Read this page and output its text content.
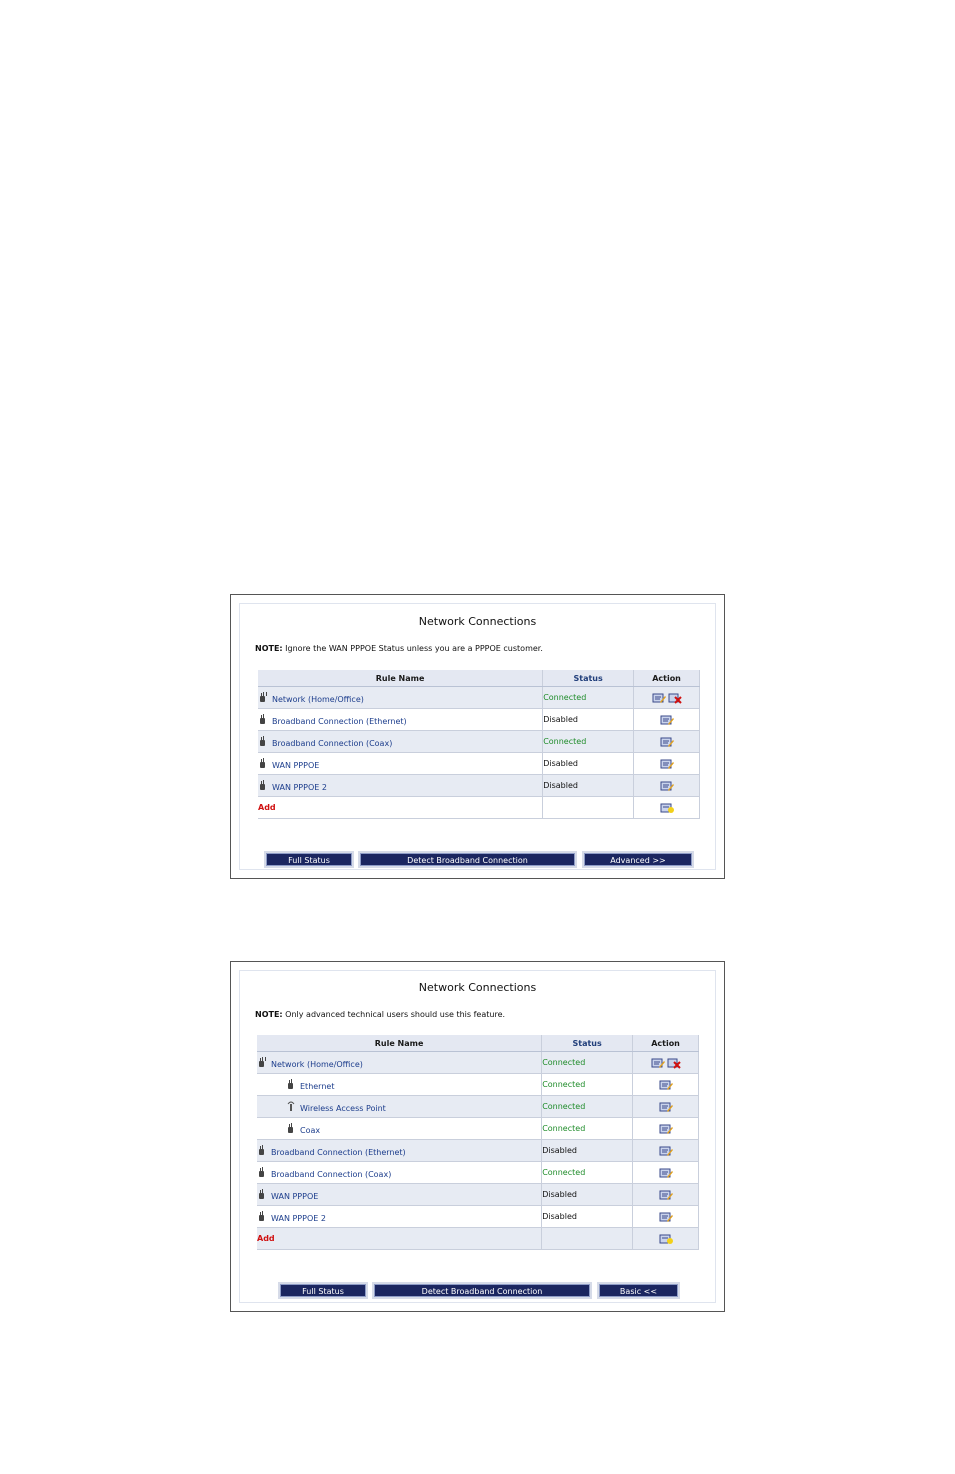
Network Connections
NOTE: Ignore the WAN PPPOE Status unless you are a PPPOE customer.
Rule Name	Status	Action
Network (Home/Office)	Connected	
Broadband Connection (Ethernet)	Disabled	
Broadband Connection (Coax)	Connected	
WAN PPPOE	Disabled	
WAN PPPOE 2	Disabled	
Add		
Full Status	Detect Broadband Connection	Advanced >>
Network Connections
NOTE: Only advanced technical users should use this feature.
Rule Name	Status	Action
Network (Home/Office)	Connected	
Ethernet	Connected	
Wireless Access Point	Connected	
Coax	Connected	
Broadband Connection (Ethernet)	Disabled	
Broadband Connection (Coax)	Connected	
WAN PPPOE	Disabled	
WAN PPPOE 2	Disabled	
Add		
Full Status	Detect Broadband Connection	Basic <<
